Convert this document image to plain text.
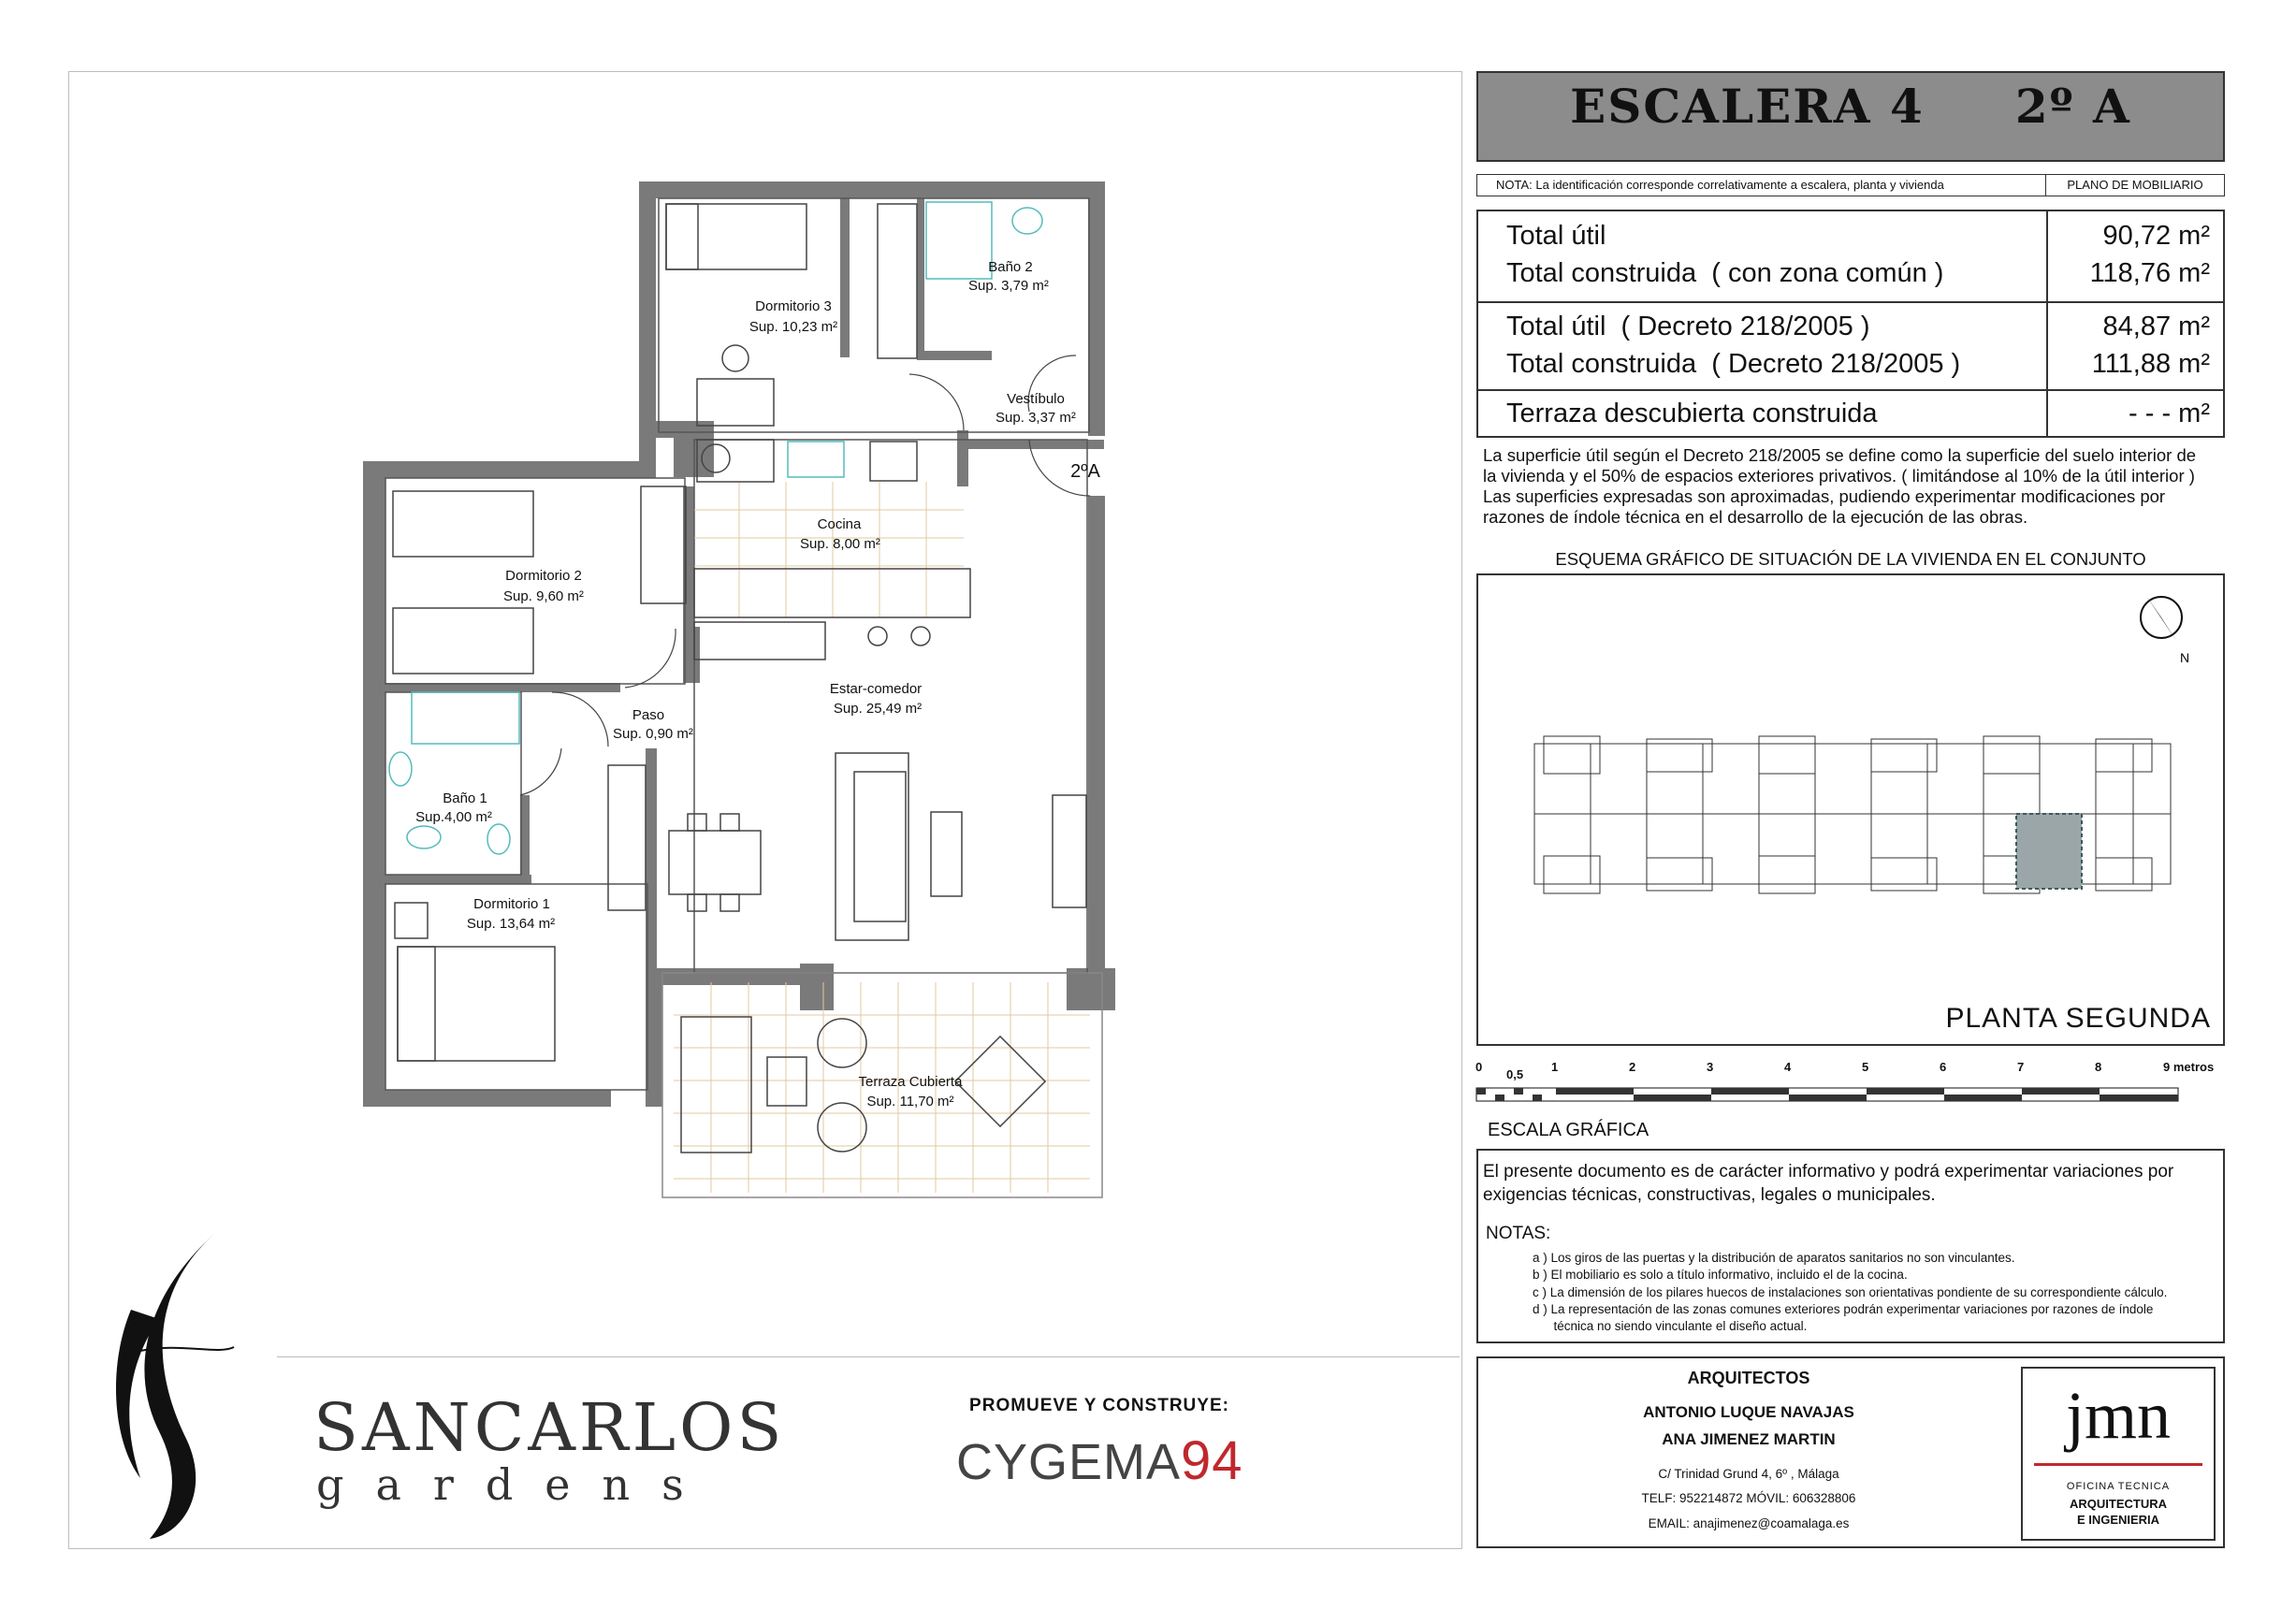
Dormitorio 3
Sup. 10,23 m²
Baño 2
Sup. 3,79 m²
Vestíbulo
Sup. 3,37 m²
Cocina
Sup. 8,00 m²
Dormitorio 2
Sup. 9,60 m²
Paso
Sup. 0,90 m²
Estar-comedor
Sup. 25,49 m²
Baño 1
Sup.4,00 m²
Dormitorio 1
Sup. 13,64 m²
Terraza Cubierta
Sup. 11,70 m²
2ºA
SANCARLOS
gardens
PROMUEVE Y CONSTRUYE:
CYGEMA94
ESCALERA 4 2º A
NOTA: La identificación corresponde correlativamente a escalera, planta y vivienda	PLANO DE MOBILIARIO
Total útil	90,72 m²
Total construida  ( con zona común )	118,76 m²
Total útil  ( Decreto 218/2005 )	84,87 m²
Total construida  ( Decreto 218/2005 )	111,88 m²
Terraza descubierta construida	- - - m²
La superficie útil según el Decreto 218/2005 se define como la superficie del suelo interior de
la vivienda y el 50% de espacios exteriores privativos. ( limitándose al 10% de la útil interior )
Las superficies expresadas son aproximadas, pudiendo experimentar modificaciones por
razones de índole técnica en el desarrollo de la ejecución de las obras.
ESQUEMA GRÁFICO DE SITUACIÓN DE LA VIVIENDA EN EL CONJUNTO
N
PLANTA SEGUNDA
0
0,5
1	2	3	4	5	6	7	8	9 metros
ESCALA GRÁFICA
El presente documento es de carácter informativo y podrá experimentar variaciones por
exigencias técnicas, constructivas, legales o municipales.
NOTAS:
a ) Los giros de las puertas y la distribución de aparatos sanitarios no son vinculantes.
b ) El mobiliario es solo a título informativo, incluido el de la cocina.
c ) La dimensión de los pilares huecos de instalaciones son orientativas pondiente de su correspondiente cálculo.
d ) La representación de las zonas comunes exteriores podrán experimentar variaciones por razones de índole
técnica no siendo vinculante el diseño actual.
ARQUITECTOS
ANTONIO LUQUE NAVAJAS
ANA JIMENEZ MARTIN
C/ Trinidad Grund 4, 6º , Málaga
TELF: 952214872 MÓVIL: 606328806
EMAIL: anajimenez@coamalaga.es
jmn
OFICINA TECNICA
ARQUITECTURA
E INGENIERIA
